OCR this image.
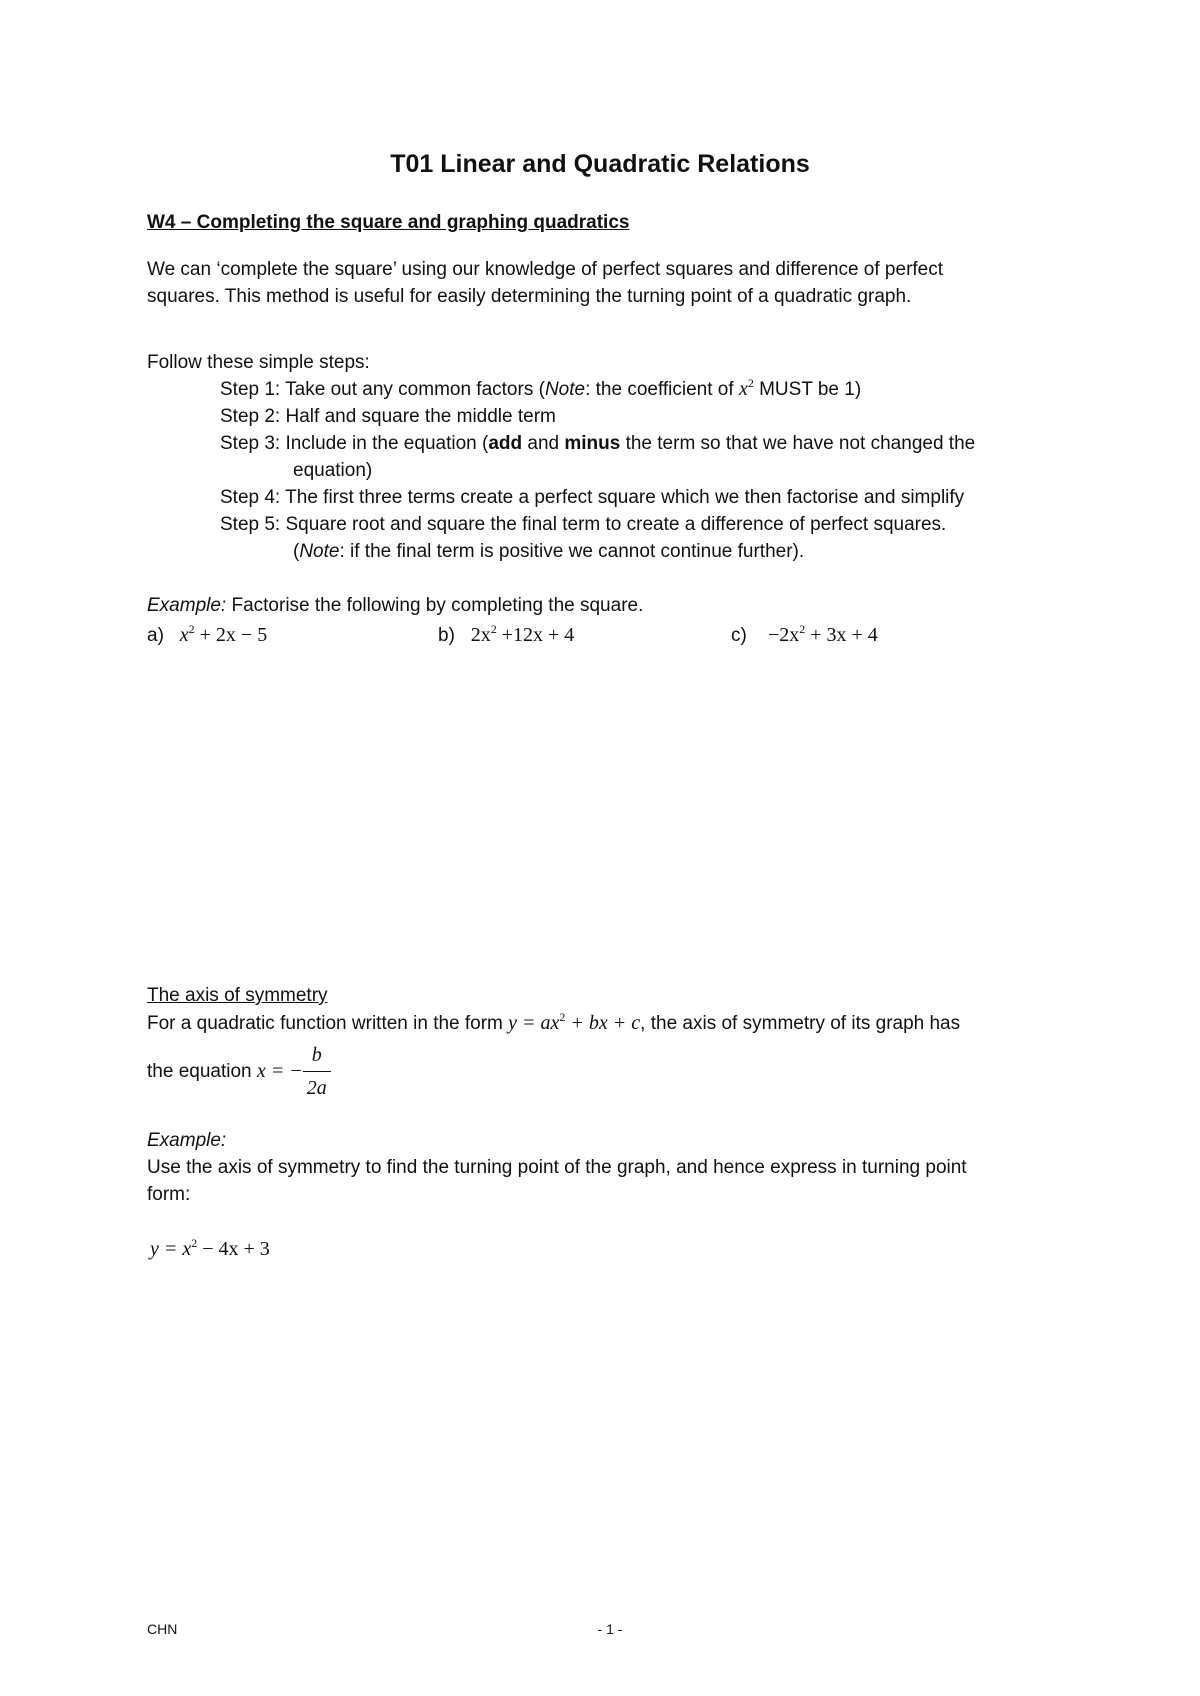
T01 Linear and Quadratic Relations
W4 – Completing the square and graphing quadratics
We can ‘complete the square’ using our knowledge of perfect squares and difference of perfect
squares. This method is useful for easily determining the turning point of a quadratic graph.
Follow these simple steps:
Step 1: Take out any common factors (Note: the coefficient of $x^2$ MUST be 1)
Step 2: Half and square the middle term
Step 3: Include in the equation (add and minus the term so that we have not changed the
equation)
Step 4: The first three terms create a perfect square which we then factorise and simplify
Step 5: Square root and square the final term to create a difference of perfect squares.
(Note: if the final term is positive we cannot continue further).
Example: Factorise the following by completing the square.
a) $x^2 + 2x - 5$	b) $2x^2 +12x + 4$	$c) -2x^2 + 3x + 4$
The axis of symmetry
For a quadratic function written in the form $y = ax^2$ + bx + c, the axis of symmetry of its graph has
the equation x = − $\frac{b}{2a}$
Example:
Use the axis of symmetry to find the turning point of the graph, and hence express in turning point
form:
$y = x^2 - 4x + 3$
CHN	- 1 -
